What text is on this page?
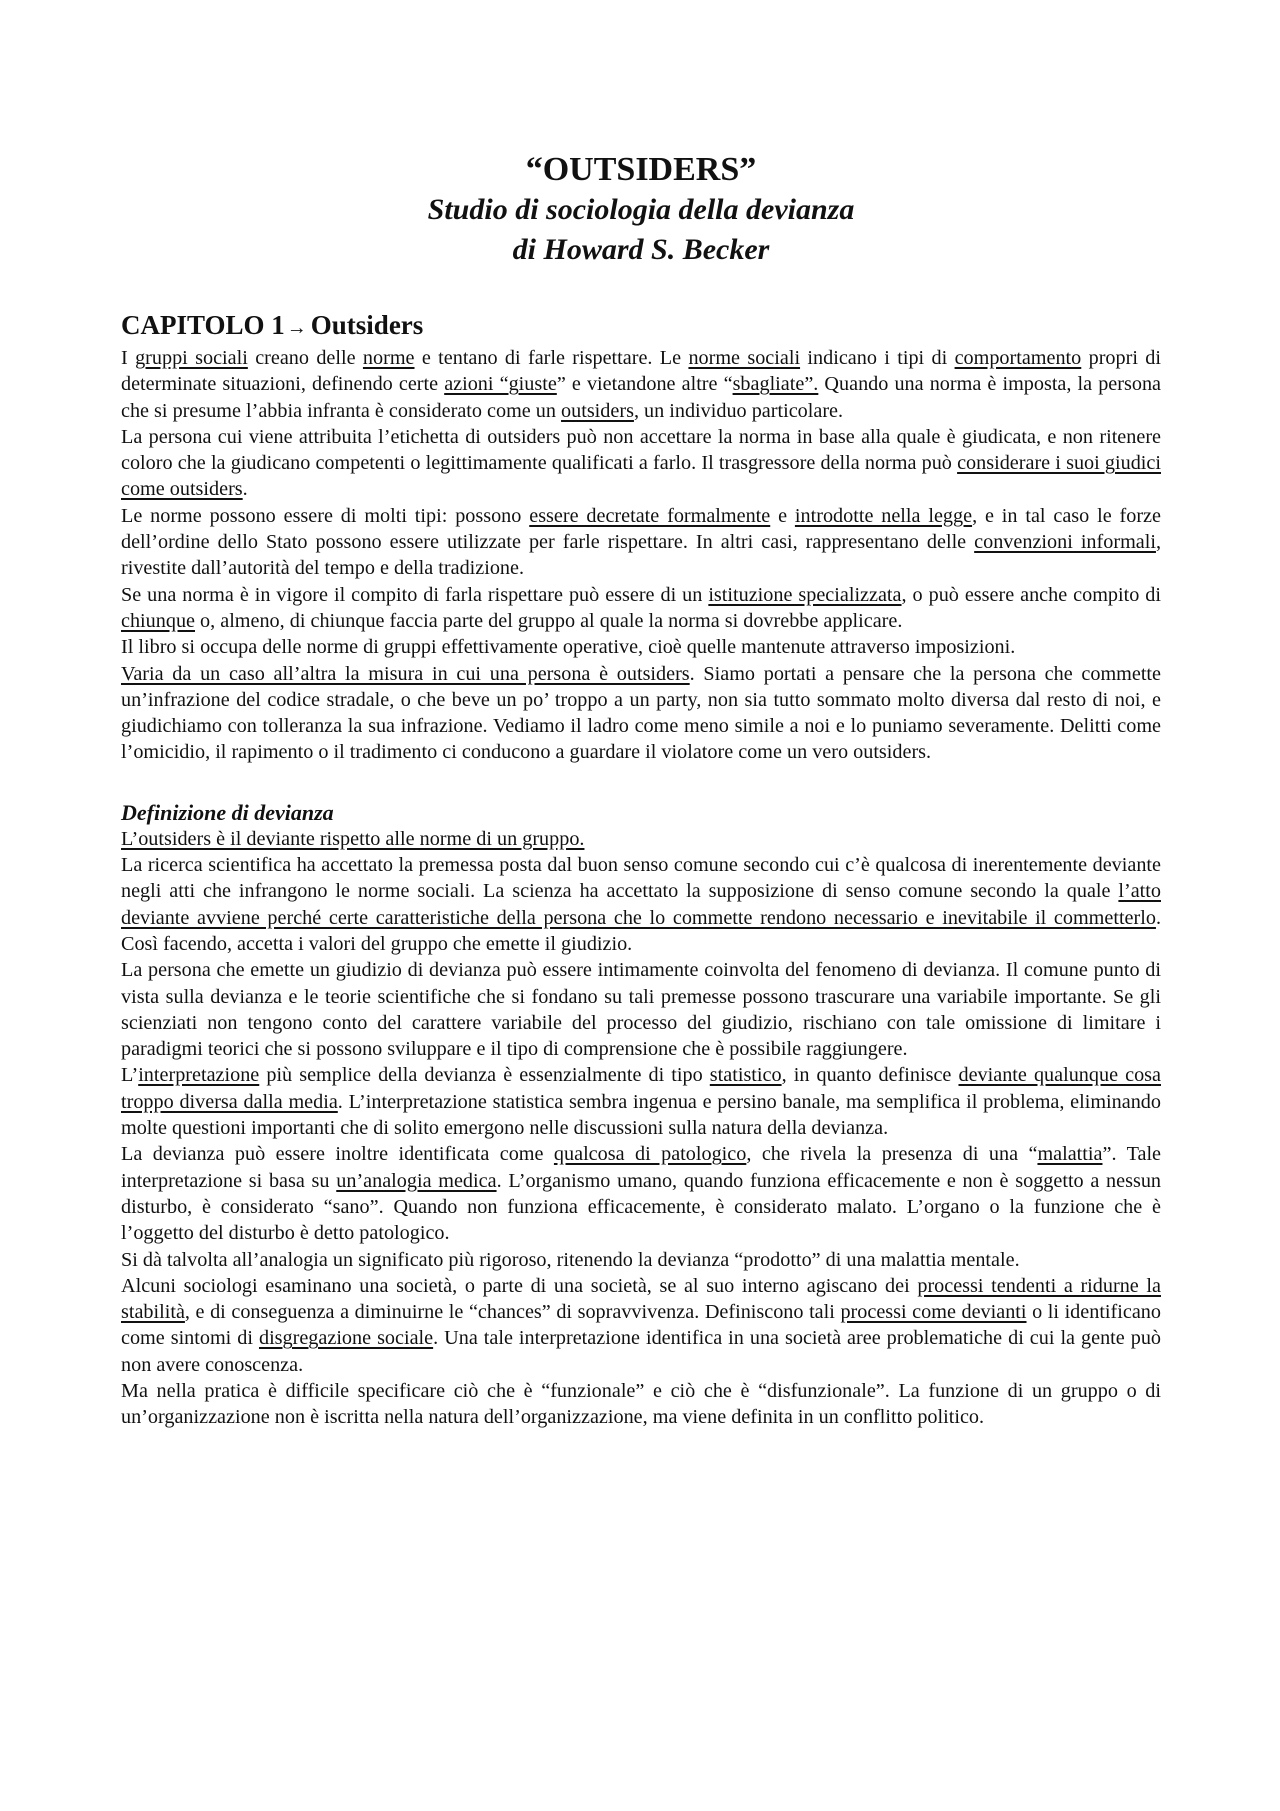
“OUTSIDERS”
Studio di sociologia della devianza
di Howard S. Becker
CAPITOLO 1 → Outsiders

I gruppi sociali creano delle norme e tentano di farle rispettare. Le norme sociali indicano i tipi di comportamento propri di determinate situazioni, definendo certe azioni “giuste” e vietandone altre “sbagliate”. Quando una norma è imposta, la persona che si presume l’abbia infranta è considerato come un outsiders, un individuo particolare.

La persona cui viene attribuita l’etichetta di outsiders può non accettare la norma in base alla quale è giudicata, e non ritenere coloro che la giudicano competenti o legittimamente qualificati a farlo. Il trasgressore della norma può considerare i suoi giudici come outsiders.

Le norme possono essere di molti tipi: possono essere decretate formalmente e introdotte nella legge, e in tal caso le forze dell’ordine dello Stato possono essere utilizzate per farle rispettare. In altri casi, rappresentano delle convenzioni informali, rivestite dall’autorità del tempo e della tradizione.

Se una norma è in vigore il compito di farla rispettare può essere di un istituzione specializzata, o può essere anche compito di chiunque o, almeno, di chiunque faccia parte del gruppo al quale la norma si dovrebbe applicare.

Il libro si occupa delle norme di gruppi effettivamente operative, cioè quelle mantenute attraverso imposizioni.

Varia da un caso all’altra la misura in cui una persona è outsiders. Siamo portati a pensare che la persona che commette un’infrazione del codice stradale, o che beve un po’ troppo a un party, non sia tutto sommato molto diversa dal resto di noi, e giudichiamo con tolleranza la sua infrazione. Vediamo il ladro come meno simile a noi e lo puniamo severamente. Delitti come l’omicidio, il rapimento o il tradimento ci conducono a guardare il violatore come un vero outsiders.

Definizione di devianza

L’outsiders è il deviante rispetto alle norme di un gruppo.

La ricerca scientifica ha accettato la premessa posta dal buon senso comune secondo cui c’è qualcosa di inerentemente deviante negli atti che infrangono le norme sociali. La scienza ha accettato la supposizione di senso comune secondo la quale l’atto deviante avviene perché certe caratteristiche della persona che lo commette rendono necessario e inevitabile il commetterlo. Così facendo, accetta i valori del gruppo che emette il giudizio.

La persona che emette un giudizio di devianza può essere intimamente coinvolta del fenomeno di devianza. Il comune punto di vista sulla devianza e le teorie scientifiche che si fondano su tali premesse possono trascurare una variabile importante. Se gli scienziati non tengono conto del carattere variabile del processo del giudizio, rischiano con tale omissione di limitare i paradigmi teorici che si possono sviluppare e il tipo di comprensione che è possibile raggiungere.

L’interpretazione più semplice della devianza è essenzialmente di tipo statistico, in quanto definisce deviante qualunque cosa troppo diversa dalla media. L’interpretazione statistica sembra ingenua e persino banale, ma semplifica il problema, eliminando molte questioni importanti che di solito emergono nelle discussioni sulla natura della devianza.

La devianza può essere inoltre identificata come qualcosa di patologico, che rivela la presenza di una “malattia”. Tale interpretazione si basa su un’analogia medica. L’organismo umano, quando funziona efficacemente e non è soggetto a nessun disturbo, è considerato “sano”. Quando non funziona efficacemente, è considerato malato. L’organo o la funzione che è l’oggetto del disturbo è detto patologico.

Si dà talvolta all’analogia un significato più rigoroso, ritenendo la devianza “prodotto” di una malattia mentale.

Alcuni sociologi esaminano una società, o parte di una società, se al suo interno agiscano dei processi tendenti a ridurne la stabilità, e di conseguenza a diminuirne le “chances” di sopravvivenza. Definiscono tali processi come devianti o li identificano come sintomi di disgregazione sociale. Una tale interpretazione identifica in una società aree problematiche di cui la gente può non avere conoscenza.

Ma nella pratica è difficile specificare ciò che è “funzionale” e ciò che è “disfunzionale”. La funzione di un gruppo o di un’organizzazione non è iscritta nella natura dell’organizzazione, ma viene definita in un conflitto politico.
